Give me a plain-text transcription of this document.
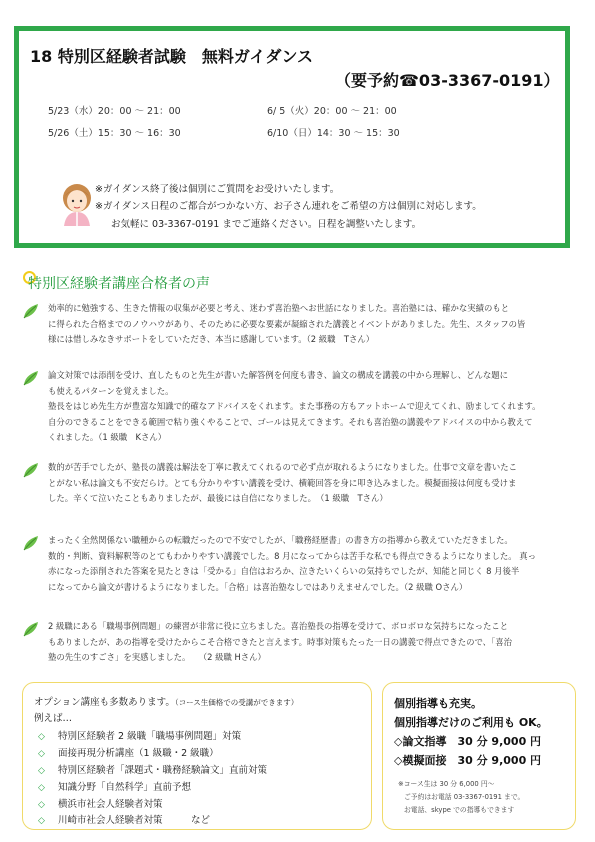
18 特別区経験者試験　無料ガイダンス
（要予約☎03-3367-0191）
5/23（水）20：00 ～ 21：00	6/ 5（火）20：00 ～ 21：00
5/26（土）15：30 ～ 16：30	6/10（日）14：30 ～ 15：30
※ガイダンス終了後は個別にご質問をお受けいたします。
※ガイダンス日程のご都合がつかない方、お子さん連れをご希望の方は個別に対応します。
お気軽に 03-3367-0191 までご連絡ください。日程を調整いたします。
特別区経験者講座合格者の声

効率的に勉強する、生きた情報の収集が必要と考え、迷わず喜治塾へお世話になりました。喜治塾には、確かな実績のもと

に得られた合格までのノウハウがあり、そのために必要な要素が凝縮された講義とイベントがありました。先生、スタッフの皆

様には惜しみなきサポートをしていただき、本当に感謝しています。（2 級職　Tさん）

論文対策では添削を受け、直したものと先生が書いた解答例を何度も書き、論文の構成を講義の中から理解し、どんな題に

も使えるパターンを覚えました。

塾長をはじめ先生方が豊富な知識で的確なアドバイスをくれます。また事務の方もアットホームで迎えてくれ、励ましてくれます。

自分のできることをできる範囲で粘り強くやることで、ゴールは見えてきます。それも喜治塾の講義やアドバイスの中から教えて

くれました。（1 級職　Kさん）

数的が苦手でしたが、塾長の講義は解法を丁寧に教えてくれるので必ず点が取れるようになりました。仕事で文章を書いたこ

とがない私は論文も不安だらけ。とても分かりやすい講義を受け、横範回答を身に叩き込みました。模擬面接は何度も受けま

した。辛くて泣いたこともありましたが、最後には自信になりました。　（1 級職　Tさん）

まったく全然関係ない職種からの転職だったので不安でしたが、「職務経歴書」の書き方の指導から教えていただきました。

数的・判断、資料解釈等のとてもわかりやすい講義でした。8 月になってからは苦手な私でも得点できるようになりました。 真っ

赤になった添削された答案を見たときは「受かる」自信はおろか、泣きたいくらいの気持ちでしたが、知能と同じく 8 月後半

になってから論文が書けるようになりました。「合格」は喜治塾なしではありえませんでした。（2 級職 Oさん）

2 級職にある「職場事例問題」の練習が非常に役に立ちました。喜治塾長の指導を受けて、ボロボロな気持ちになったこと

もありましたが、あの指導を受けたからこそ合格できたと言えます。時事対策もたった一日の講義で得点できたので、「喜治

塾の先生のすごさ」を実感しました。　　（2 級職 Hさん）

オプション講座も多数あります。（コース生価格での受講ができます）
例えば…
◇ 特別区経験者 2 級職「職場事例問題」対策
◇ 面接再現分析講座（1 級職・2 級職）
◇ 特別区経験者「課題式・職務経験論文」直前対策
◇ 知識分野「自然科学」直前予想
◇ 横浜市社会人経験者対策
◇ 川崎市社会人経験者対策　　　など
個別指導も充実。
個別指導だけのご利用も OK。
◇論文指導　30 分 9,000 円
◇模擬面接　30 分 9,000 円
※コース生は 30 分 6,000 円～
ご予約はお電話 03-3367-0191 まで。
お電話、skype での指導もできます
